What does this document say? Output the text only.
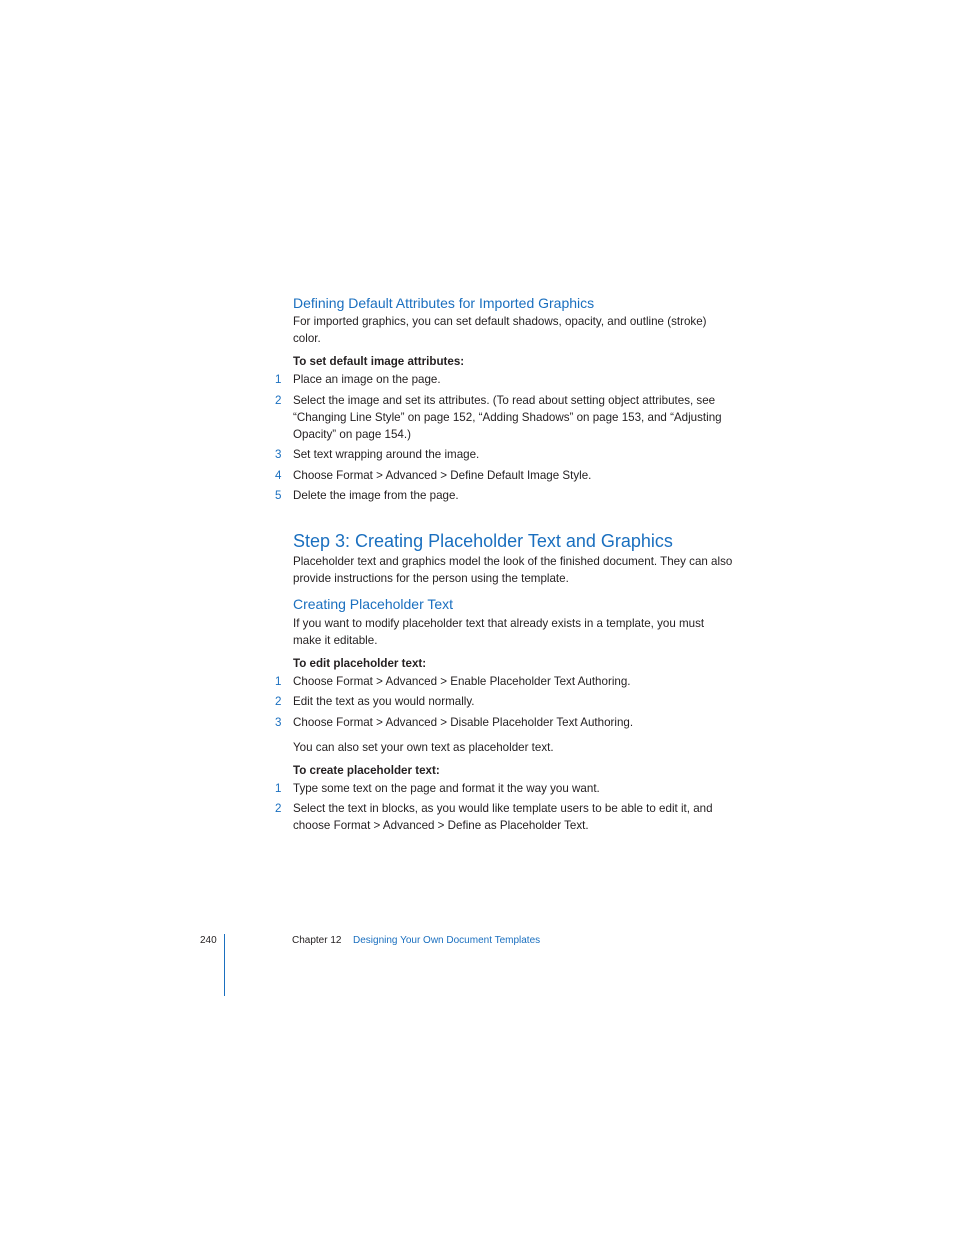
Defining Default Attributes for Imported Graphics
For imported graphics, you can set default shadows, opacity, and outline (stroke) color.
To set default image attributes:
1 Place an image on the page.
2 Select the image and set its attributes. (To read about setting object attributes, see “Changing Line Style” on page 152, “Adding Shadows” on page 153, and “Adjusting Opacity” on page 154.)
3 Set text wrapping around the image.
4 Choose Format > Advanced > Define Default Image Style.
5 Delete the image from the page.
Step 3: Creating Placeholder Text and Graphics
Placeholder text and graphics model the look of the finished document. They can also provide instructions for the person using the template.
Creating Placeholder Text
If you want to modify placeholder text that already exists in a template, you must make it editable.
To edit placeholder text:
1 Choose Format > Advanced > Enable Placeholder Text Authoring.
2 Edit the text as you would normally.
3 Choose Format > Advanced > Disable Placeholder Text Authoring.
You can also set your own text as placeholder text.
To create placeholder text:
1 Type some text on the page and format it the way you want.
2 Select the text in blocks, as you would like template users to be able to edit it, and choose Format > Advanced > Define as Placeholder Text.
240	Chapter 12 Designing Your Own Document Templates
